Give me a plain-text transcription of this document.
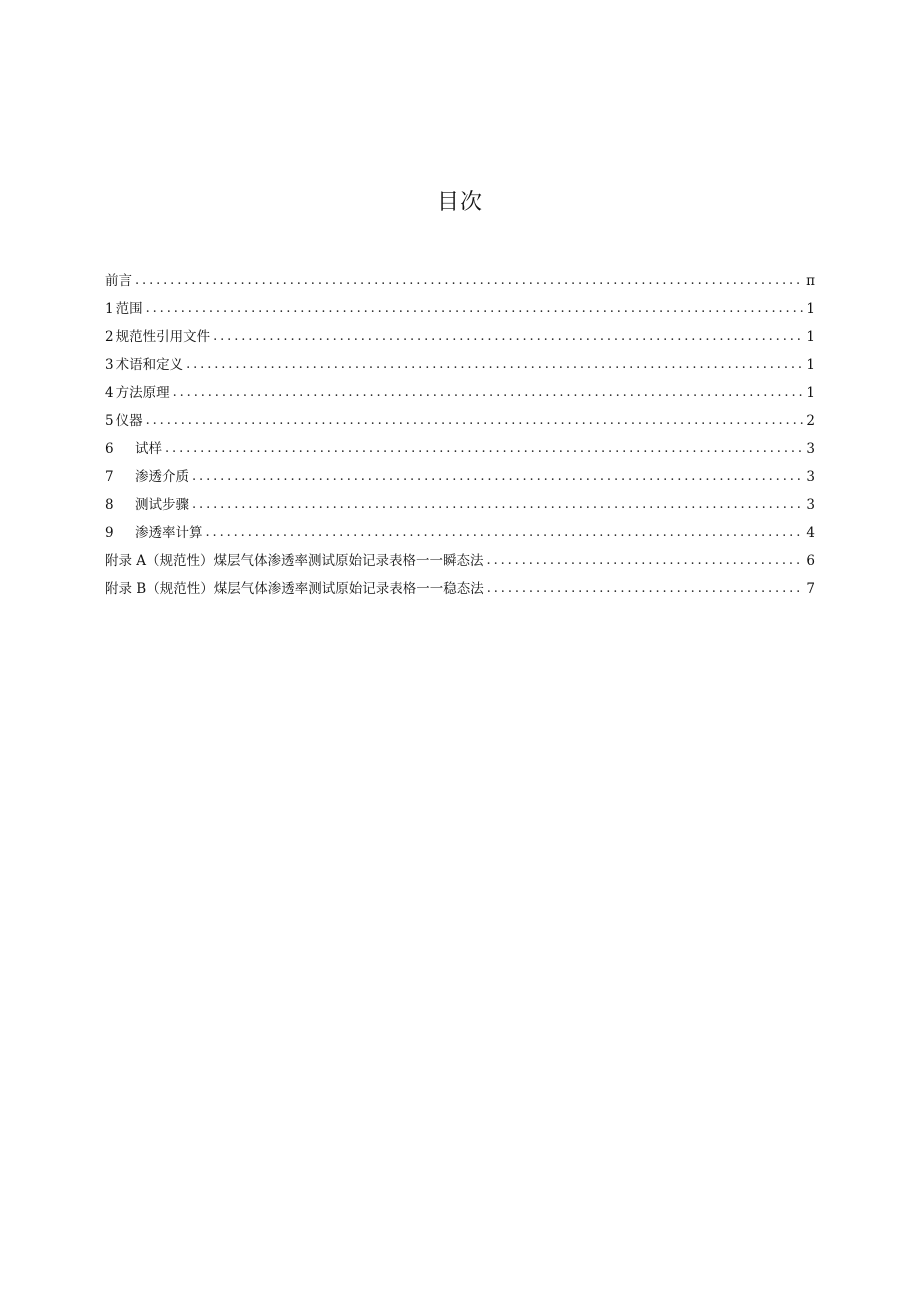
目次
前言 .....	π
1 范围 .....	1
2 规范性引用文件 .....	1
3 术语和定义 .....	1
4 方法原理 .....	1
5 仪器 .....	2
6	试样 .....	3
7	渗透介质 .....	3
8	测试步骤 .....	3
9	渗透率计算 .....	4
附录 A（规范性）煤层气体渗透率测试原始记录表格一一瞬态法 .....	6
附录 B（规范性）煤层气体渗透率测试原始记录表格一一稳态法 .....	7
